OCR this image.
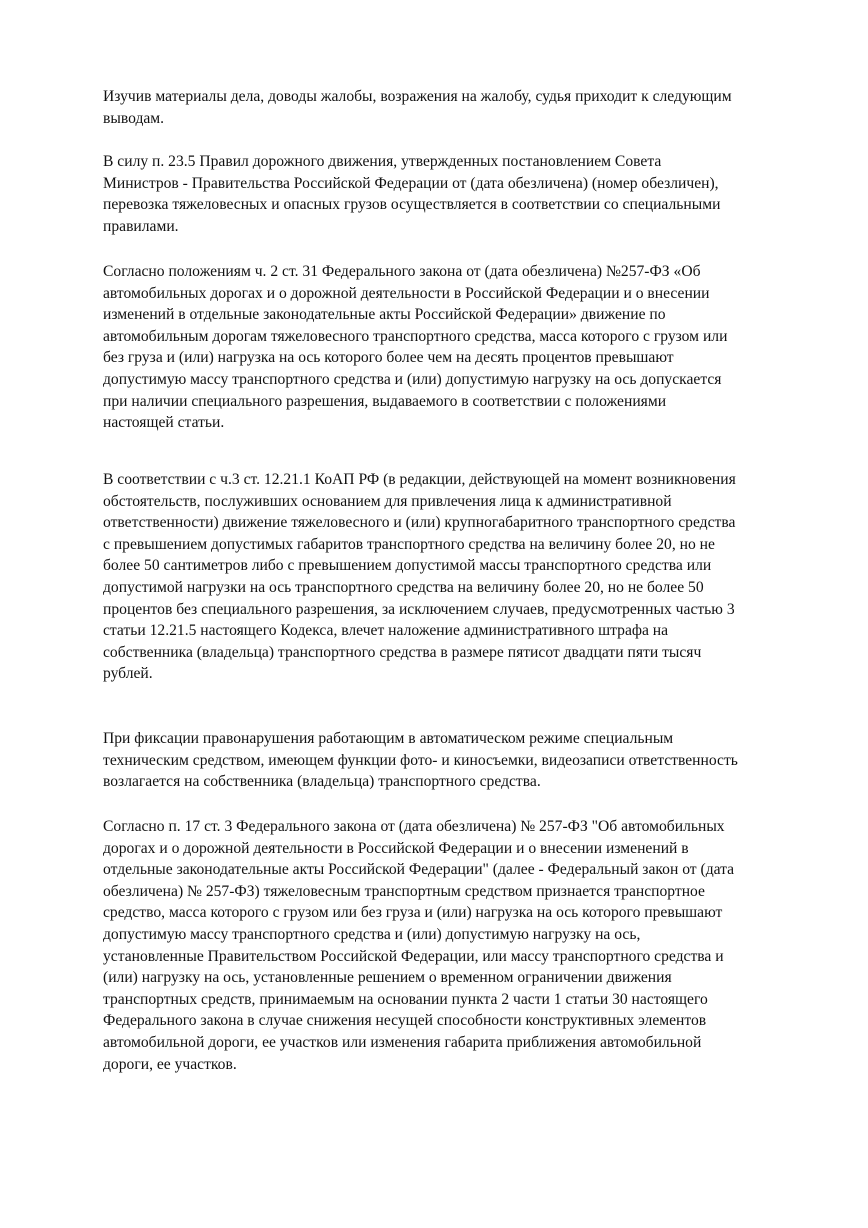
Изучив материалы дела, доводы жалобы, возражения на жалобу, судья приходит к следующим
выводам.

В силу п. 23.5 Правил дорожного движения, утвержденных постановлением Совета
Министров - Правительства Российской Федерации от (дата обезличена) (номер обезличен),
перевозка тяжеловесных и опасных грузов осуществляется в соответствии со специальными
правилами.

Согласно положениям ч. 2 ст. 31 Федерального закона от (дата обезличена) №257-ФЗ «Об
автомобильных дорогах и о дорожной деятельности в Российской Федерации и о внесении
изменений в отдельные законодательные акты Российской Федерации» движение по
автомобильным дорогам тяжеловесного транспортного средства, масса которого с грузом или
без груза и (или) нагрузка на ось которого более чем на десять процентов превышают
допустимую массу транспортного средства и (или) допустимую нагрузку на ось допускается
при наличии специального разрешения, выдаваемого в соответствии с положениями
настоящей статьи.

В соответствии с ч.3 ст. 12.21.1 КоАП РФ (в редакции, действующей на момент возникновения
обстоятельств, послуживших основанием для привлечения лица к административной
ответственности) движение тяжеловесного и (или) крупногабаритного транспортного средства
с превышением допустимых габаритов транспортного средства на величину более 20, но не
более 50 сантиметров либо с превышением допустимой массы транспортного средства или
допустимой нагрузки на ось транспортного средства на величину более 20, но не более 50
процентов без специального разрешения, за исключением случаев, предусмотренных частью 3
статьи 12.21.5 настоящего Кодекса, влечет наложение административного штрафа на
собственника (владельца) транспортного средства в размере пятисот двадцати пяти тысяч
рублей.

При фиксации правонарушения работающим в автоматическом режиме специальным
техническим средством, имеющем функции фото- и киносъемки, видеозаписи ответственность
возлагается на собственника (владельца) транспортного средства.

Согласно п. 17 ст. 3 Федерального закона от (дата обезличена) № 257-ФЗ "Об автомобильных
дорогах и о дорожной деятельности в Российской Федерации и о внесении изменений в
отдельные законодательные акты Российской Федерации" (далее - Федеральный закон от (дата
обезличена) № 257-ФЗ) тяжеловесным транспортным средством признается транспортное
средство, масса которого с грузом или без груза и (или) нагрузка на ось которого превышают
допустимую массу транспортного средства и (или) допустимую нагрузку на ось,
установленные Правительством Российской Федерации, или массу транспортного средства и
(или) нагрузку на ось, установленные решением о временном ограничении движения
транспортных средств, принимаемым на основании пункта 2 части 1 статьи 30 настоящего
Федерального закона в случае снижения несущей способности конструктивных элементов
автомобильной дороги, ее участков или изменения габарита приближения автомобильной
дороги, ее участков.
